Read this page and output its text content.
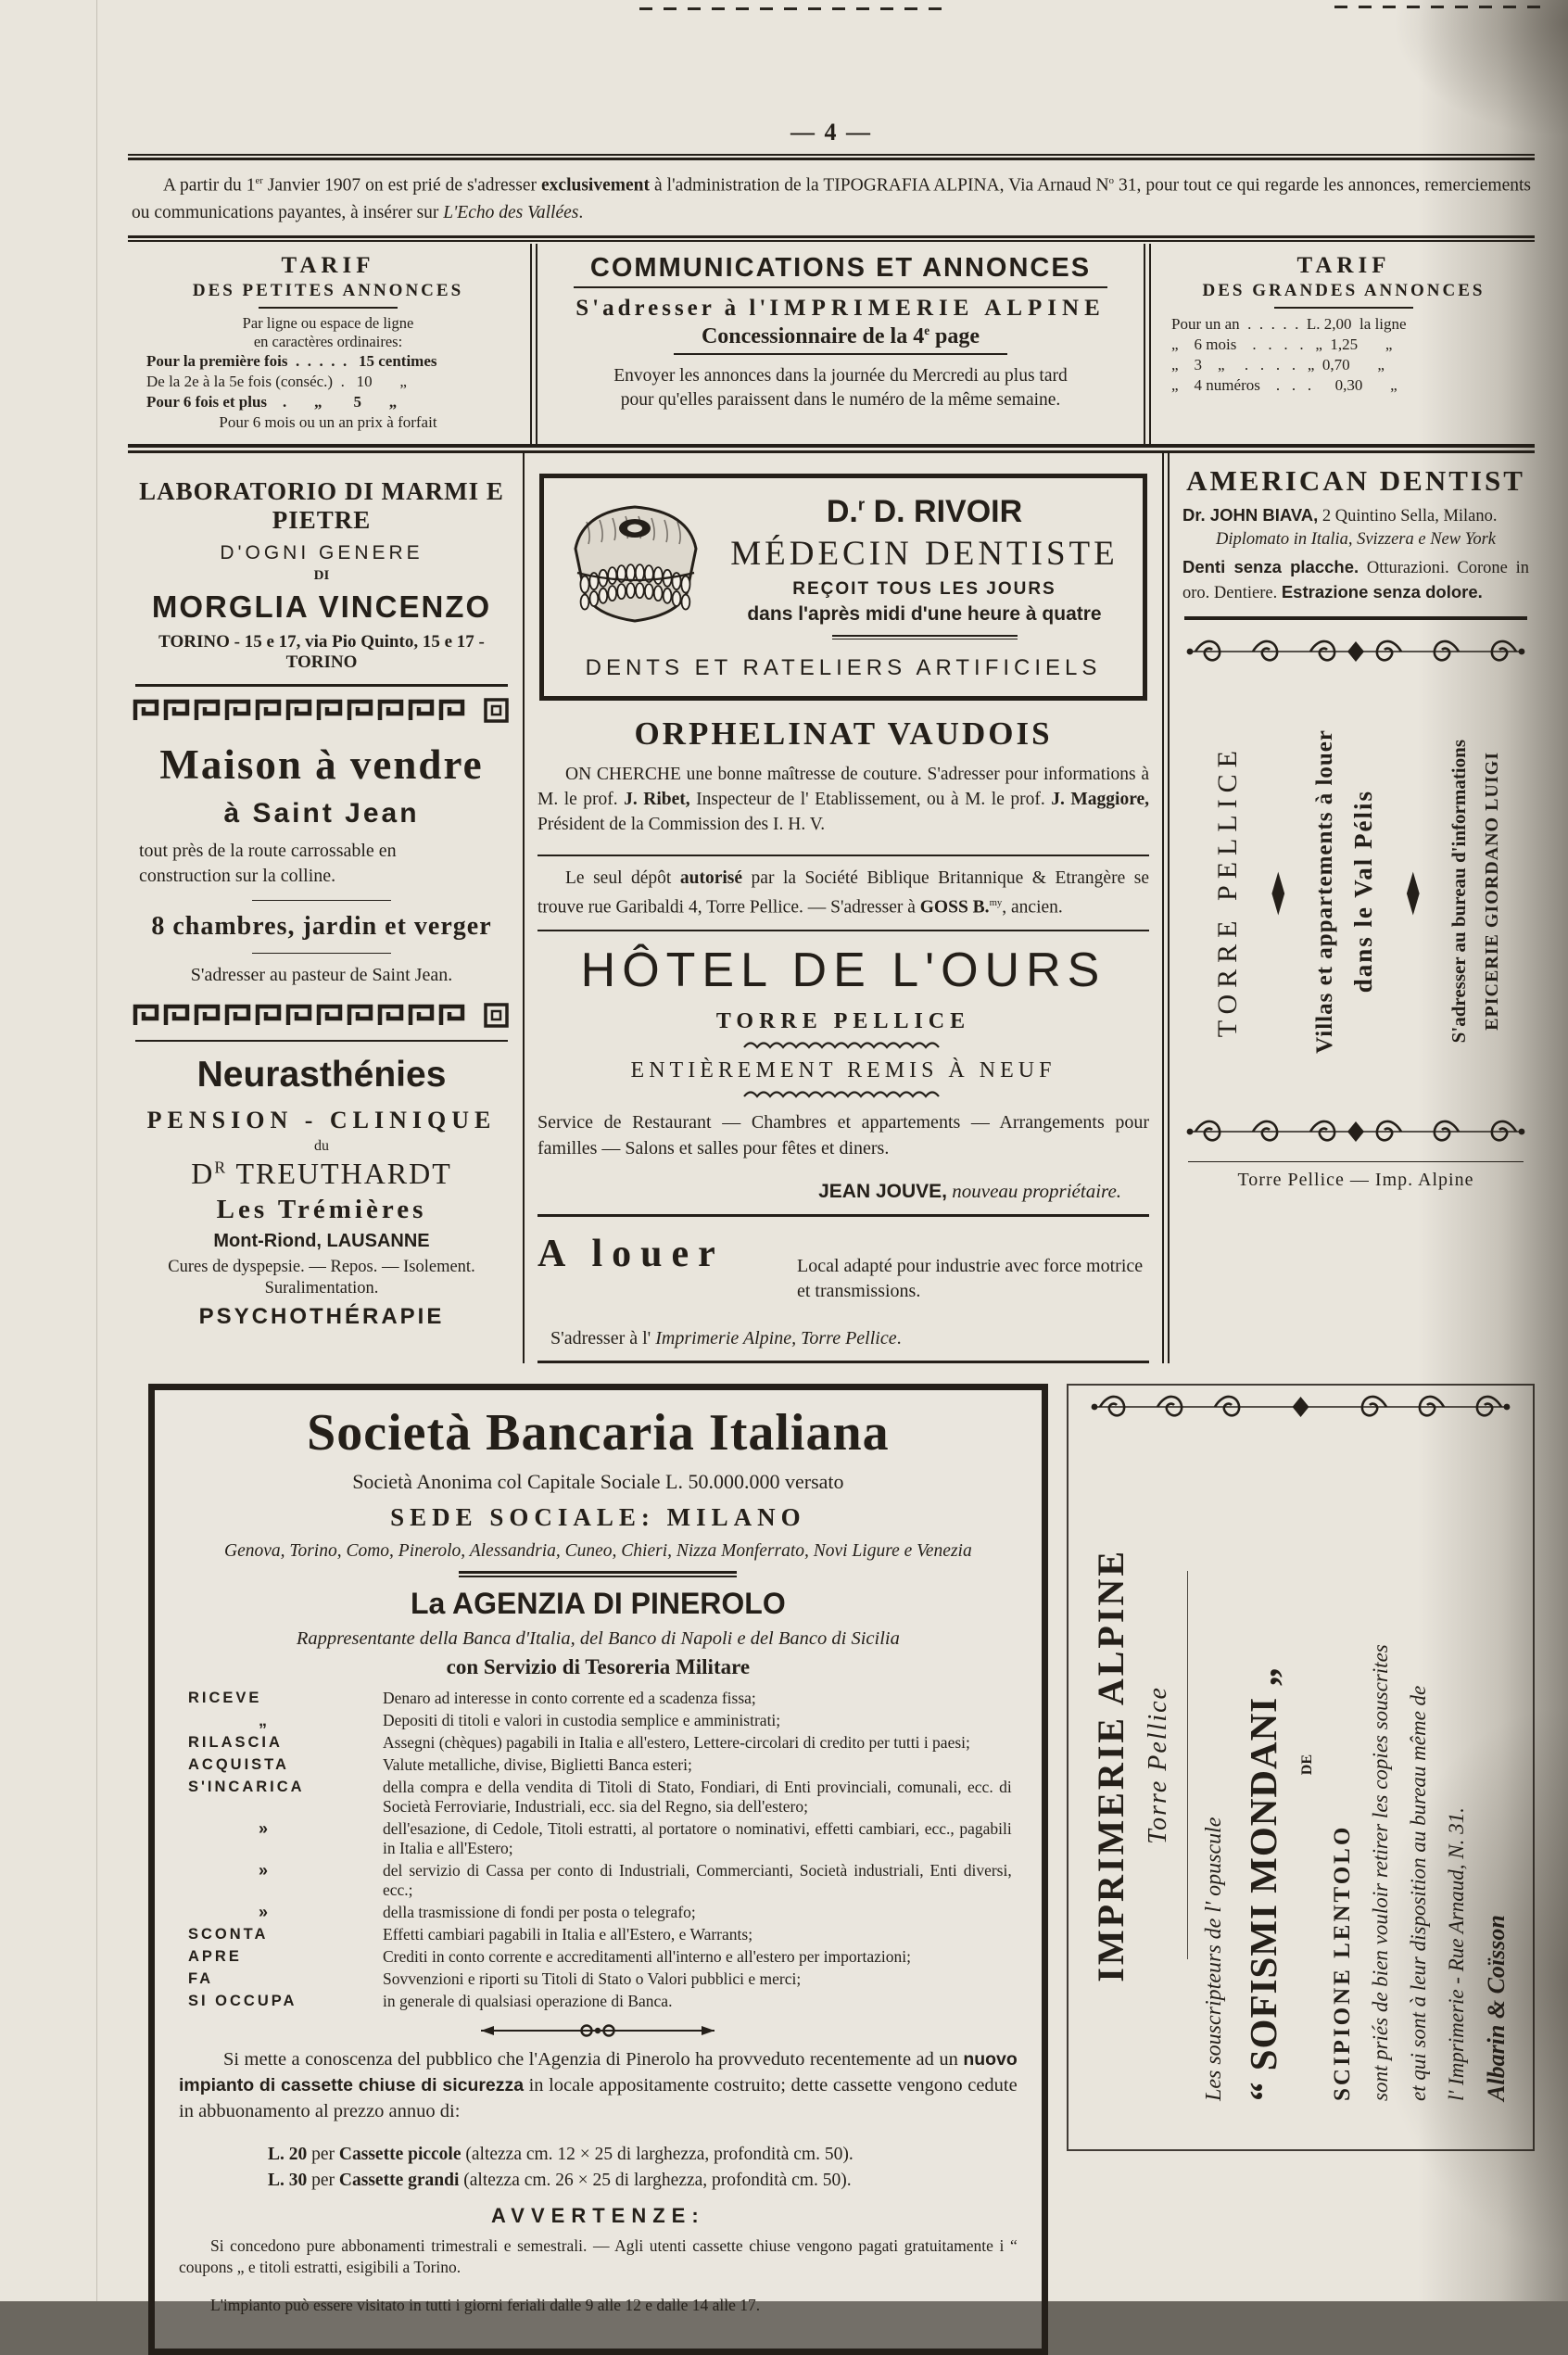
— 4 —

A partir du 1er Janvier 1907 on est prié de s'adresser exclusivement à l'administration de la TIPOGRAFIA ALPINA, Via Arnaud $N^o$ 31, pour tout ce qui regarde les annonces, remerciements ou communications payantes, à insérer sur L'Echo des Vallées.

TARIF
DES PETITES ANNONCES
Par ligne ou espace de ligne
en caractères ordinaires:
Pour la première fois  .  .  .  .  .   15 centimes
De la 2e à la 5e fois (conséc.)  .   10       „
Pour 6 fois et plus    .       „        5       „
Pour 6 mois ou un an prix à forfait
COMMUNICATIONS ET ANNONCES
S'adresser à l'IMPRIMERIE ALPINE
Concessionnaire de la 4e page
Envoyer les annonces dans la journée du Mercredi au plus tard
pour qu'elles paraissent dans le numéro de la même semaine.
TARIF
DES GRANDES ANNONCES
Pour un an  .  .  .  .  .  L. 2,00  la ligne
„    6 mois    .   .   .   .   „  1,25       „
„    3    „     .   .   .   .   „  0,70       „
„    4 numéros    .   .   .      0,30       „
LABORATORIO DI MARMI E PIETRE
D'OGNI GENERE
DI
MORGLIA VINCENZO
TORINO - 15 e 17, via Pio Quinto, 15 e 17 - TORINO
Maison à vendre
à Saint Jean
tout près de la route carrossable en
construction sur la colline.
8 chambres, jardin et verger
S'adresser au pasteur de Saint Jean.
Neurasthénies
PENSION - CLINIQUE
du
$D^R$ TREUTHARDT
Les Trémières
Mont-Riond, LAUSANNE
Cures de dyspepsie. — Repos. — Isolement.
Suralimentation.
PSYCHOTHÉRAPIE
D.$^r$ D. RIVOIR
MÉDECIN DENTISTE
REÇOIT TOUS LES JOURS
dans l'après midi d'une heure à quatre
DENTS ET RATELIERS ARTIFICIELS
ORPHELINAT VAUDOIS

ON CHERCHE une bonne maîtresse de couture. S'adresser pour informations à M. le prof. J. Ribet, Inspecteur de l' Etablissement, ou à M. le prof. J. Maggiore, Président de la Commission des I. H. V.

Le seul dépôt autorisé par la Société Biblique Britannique & Etrangère se trouve rue Garibaldi 4, Torre Pellice. — S'adresser à GOSS B.$^{my}$, ancien.

HÔTEL DE L'OURS
TORRE PELLICE
ENTIÈREMENT REMIS À NEUF

Service de Restaurant — Chambres et appartements — Arrangements pour familles — Salons et salles pour fêtes et diners.

JEAN JOUVE, nouveau propriétaire.
A louer	Local adapté pour industrie avec force motrice et transmissions.

S'adresser à l' Imprimerie Alpine, Torre Pellice.
AMERICAN DENTIST
Dr. JOHN BIAVA, 2 Quintino Sella, Milano.
Diplomato in Italia, Svizzera e New York
Denti senza placche. Otturazioni. Corone in oro. Dentiere. Estrazione senza dolore.
TORRE PELLICE ◆ Villas et appartements à louer dans le Val Pélis ◆ S'adresser au bureau d'informations EPICERIE GIORDANO LUIGI
Torre Pellice — Imp. Alpine
Società Bancaria Italiana
Società Anonima col Capitale Sociale L. 50.000.000 versato
SEDE SOCIALE: MILANO
Genova, Torino, Como, Pinerolo, Alessandria, Cuneo, Chieri, Nizza Monferrato, Novi Ligure e Venezia
La AGENZIA DI PINEROLO
Rappresentante della Banca d'Italia, del Banco di Napoli e del Banco di Sicilia
con Servizio di Tesoreria Militare
RICEVE	Denaro ad interesse in conto corrente ed a scadenza fissa;
„	Depositi di titoli e valori in custodia semplice e amministrati;
RILASCIA	Assegni (chèques) pagabili in Italia e all'estero, Lettere-circolari di credito per tutti i paesi;
ACQUISTA	Valute metalliche, divise, Biglietti Banca esteri;
S'INCARICA	della compra e della vendita di Titoli di Stato, Fondiari, di Enti provinciali, comunali, ecc. di Società Ferroviarie, Industriali, ecc. sia del Regno, sia dell'estero;
»	dell'esazione, di Cedole, Titoli estratti, al portatore o nominativi, effetti cambiari, ecc., pagabili in Italia e all'Estero;
»	del servizio di Cassa per conto di Industriali, Commercianti, Società industriali, Enti diversi, ecc.;
»	della trasmissione di fondi per posta o telegrafo;
SCONTA	Effetti cambiari pagabili in Italia e all'Estero, e Warrants;
APRE	Crediti in conto corrente e accreditamenti all'interno e all'estero per importazioni;
FA	Sovvenzioni e riporti su Titoli di Stato o Valori pubblici e merci;
SI OCCUPA	in generale di qualsiasi operazione di Banca.

Si mette a conoscenza del pubblico che l'Agenzia di Pinerolo ha provveduto recentemente ad un nuovo impianto di cassette chiuse di sicurezza in locale appositamente costruito; dette cassette vengono cedute in abbuonamento al prezzo annuo di:

L. 20 per Cassette piccole (altezza cm. 12 × 25 di larghezza, profondità cm. 50).
L. 30 per Cassette grandi (altezza cm. 26 × 25 di larghezza, profondità cm. 50).
AVVERTENZE:

Si concedono pure abbonamenti trimestrali e semestrali. — Agli utenti cassette chiuse vengono pagati gratuitamente i “ coupons „ e titoli estratti, esigibili a Torino.

L'impianto può essere visitato in tutti i giorni feriali dalle 9 alle 12 e dalle 14 alle 17.

IMPRIMERIE ALPINE Torre Pellice
Les souscripteurs de l' opuscule “ SOFISMI MONDANI „ DE
SCIPIONE LENTOLO sont priés de bien vouloir retirer les copies souscrites et qui sont à leur disposition au bureau même de l' Imprimerie - Rue Arnaud, N. 31. Albarin & Coïsson
